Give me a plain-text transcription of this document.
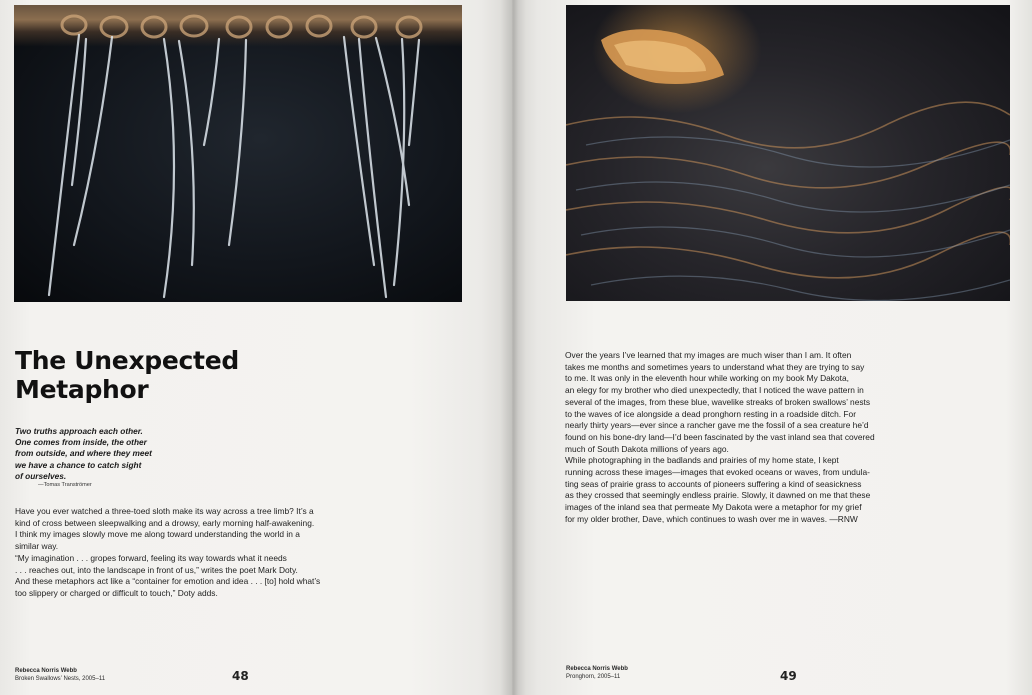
The Unexpected
Metaphor
Two truths approach each other.
One comes from inside, the other
from outside, and where they meet
we have a chance to catch sight
of ourselves.
—Tomas Tranströmer
Have you ever watched a three-toed sloth make its way across a tree limb? It’s a
kind of cross between sleepwalking and a drowsy, early morning half-awakening.
I think my images slowly move me along toward understanding the world in a
similar way.
“My imagination . . . gropes forward, feeling its way towards what it needs
. . . reaches out, into the landscape in front of us,” writes the poet Mark Doty.
And these metaphors act like a “container for emotion and idea . . . [to] hold what’s
too slippery or charged or difficult to touch,” Doty adds.
Rebecca Norris Webb
Broken Swallows’ Nests, 2005–11	48
Over the years I’ve learned that my images are much wiser than I am. It often
takes me months and sometimes years to understand what they are trying to say
to me. It was only in the eleventh hour while working on my book My Dakota,
an elegy for my brother who died unexpectedly, that I noticed the wave pattern in
several of the images, from these blue, wavelike streaks of broken swallows’ nests
to the waves of ice alongside a dead pronghorn resting in a roadside ditch. For
nearly thirty years—ever since a rancher gave me the fossil of a sea creature he’d
found on his bone-dry land—I’d been fascinated by the vast inland sea that covered
much of South Dakota millions of years ago.
While photographing in the badlands and prairies of my home state, I kept
running across these images—images that evoked oceans or waves, from undula-
ting seas of prairie grass to accounts of pioneers suffering a kind of seasickness
as they crossed that seemingly endless prairie. Slowly, it dawned on me that these
images of the inland sea that permeate My Dakota were a metaphor for my grief
for my older brother, Dave, which continues to wash over me in waves. —RNW
Rebecca Norris Webb
Pronghorn, 2005–11	49
